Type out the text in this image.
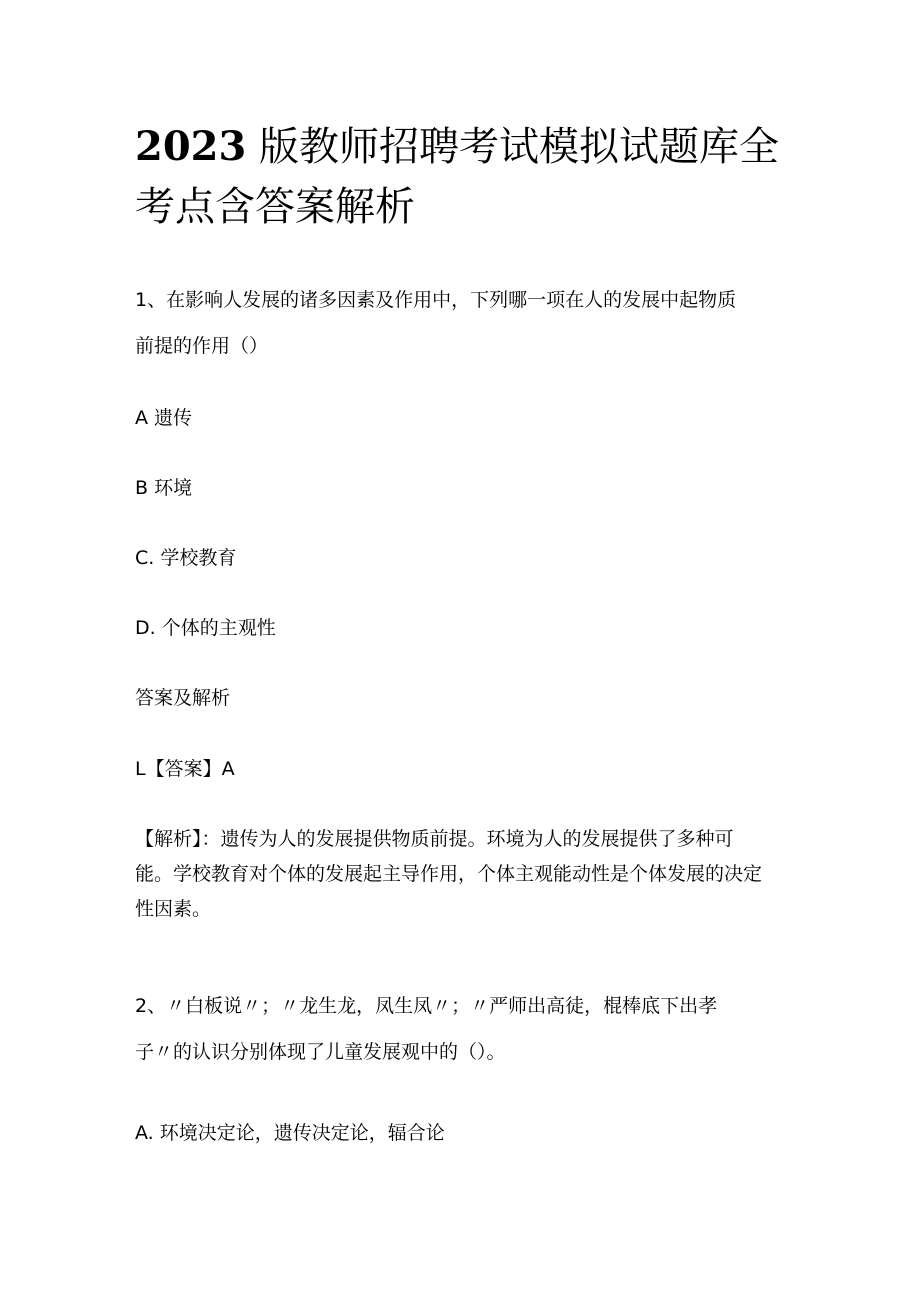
2023 版教师招聘考试模拟试题库全
考点含答案解析
1、在影响人发展的诸多因素及作用中，下列哪一项在人的发展中起物质
前提的作用（）
A 遗传
B 环境
C. 学校教育
D. 个体的主观性
答案及解析
L【答案】A
【解析】：遗传为人的发展提供物质前提。环境为人的发展提供了多种可
能。学校教育对个体的发展起主导作用，个体主观能动性是个体发展的决定
性因素。
2、〃白板说〃；〃龙生龙，凤生凤〃；〃严师出高徒，棍棒底下出孝
子〃的认识分别体现了儿童发展观中的（）。
A. 环境决定论，遗传决定论，辐合论
